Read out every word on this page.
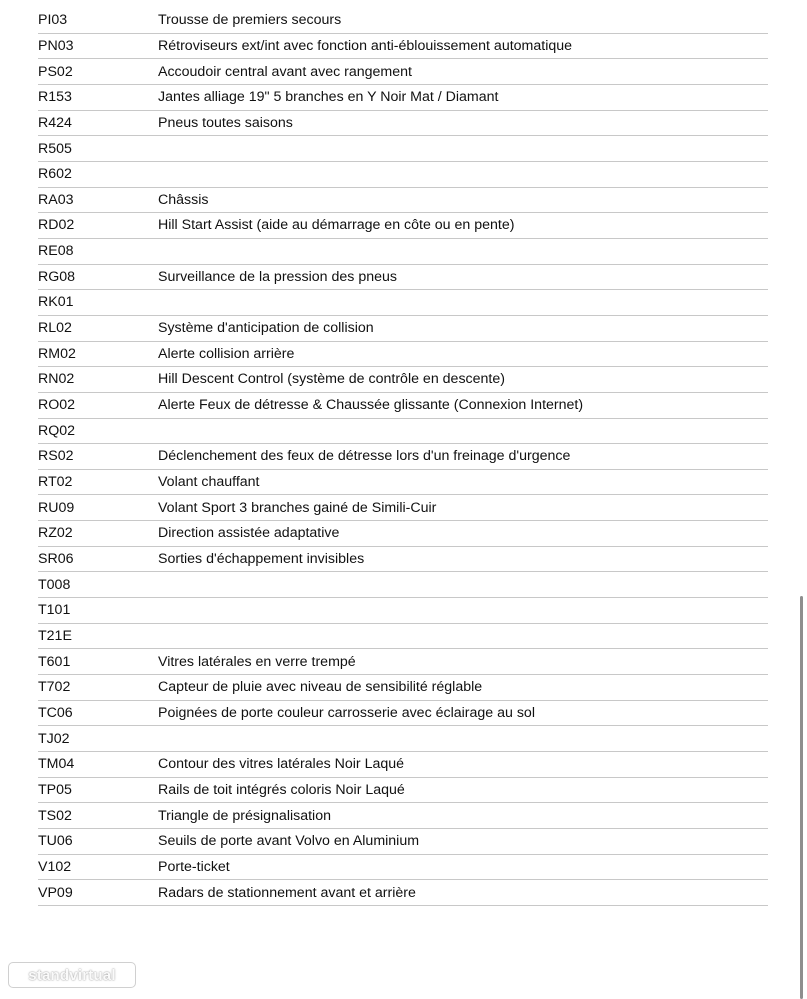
PI03	Trousse de premiers secours
PN03	Rétroviseurs ext/int avec fonction anti-éblouissement automatique
PS02	Accoudoir central avant avec rangement
R153	Jantes alliage 19" 5 branches en Y Noir Mat / Diamant
R424	Pneus toutes saisons
R505
R602
RA03	Châssis
RD02	Hill Start Assist (aide au démarrage en côte ou en pente)
RE08
RG08	Surveillance de la pression des pneus
RK01
RL02	Système d'anticipation de collision
RM02	Alerte collision arrière
RN02	Hill Descent Control (système de contrôle en descente)
RO02	Alerte Feux de détresse & Chaussée glissante (Connexion Internet)
RQ02
RS02	Déclenchement des feux de détresse lors d'un freinage d'urgence
RT02	Volant chauffant
RU09	Volant Sport 3 branches gainé de Simili-Cuir
RZ02	Direction assistée adaptative
SR06	Sorties d'échappement invisibles
T008
T101
T21E
T601	Vitres latérales en verre trempé
T702	Capteur de pluie avec niveau de sensibilité réglable
TC06	Poignées de porte couleur carrosserie avec éclairage au sol
TJ02
TM04	Contour des vitres latérales Noir Laqué
TP05	Rails de toit intégrés coloris Noir Laqué
TS02	Triangle de présignalisation
TU06	Seuils de porte avant Volvo en Aluminium
V102	Porte-ticket
VP09	Radars de stationnement avant et arrière
standvirtual
